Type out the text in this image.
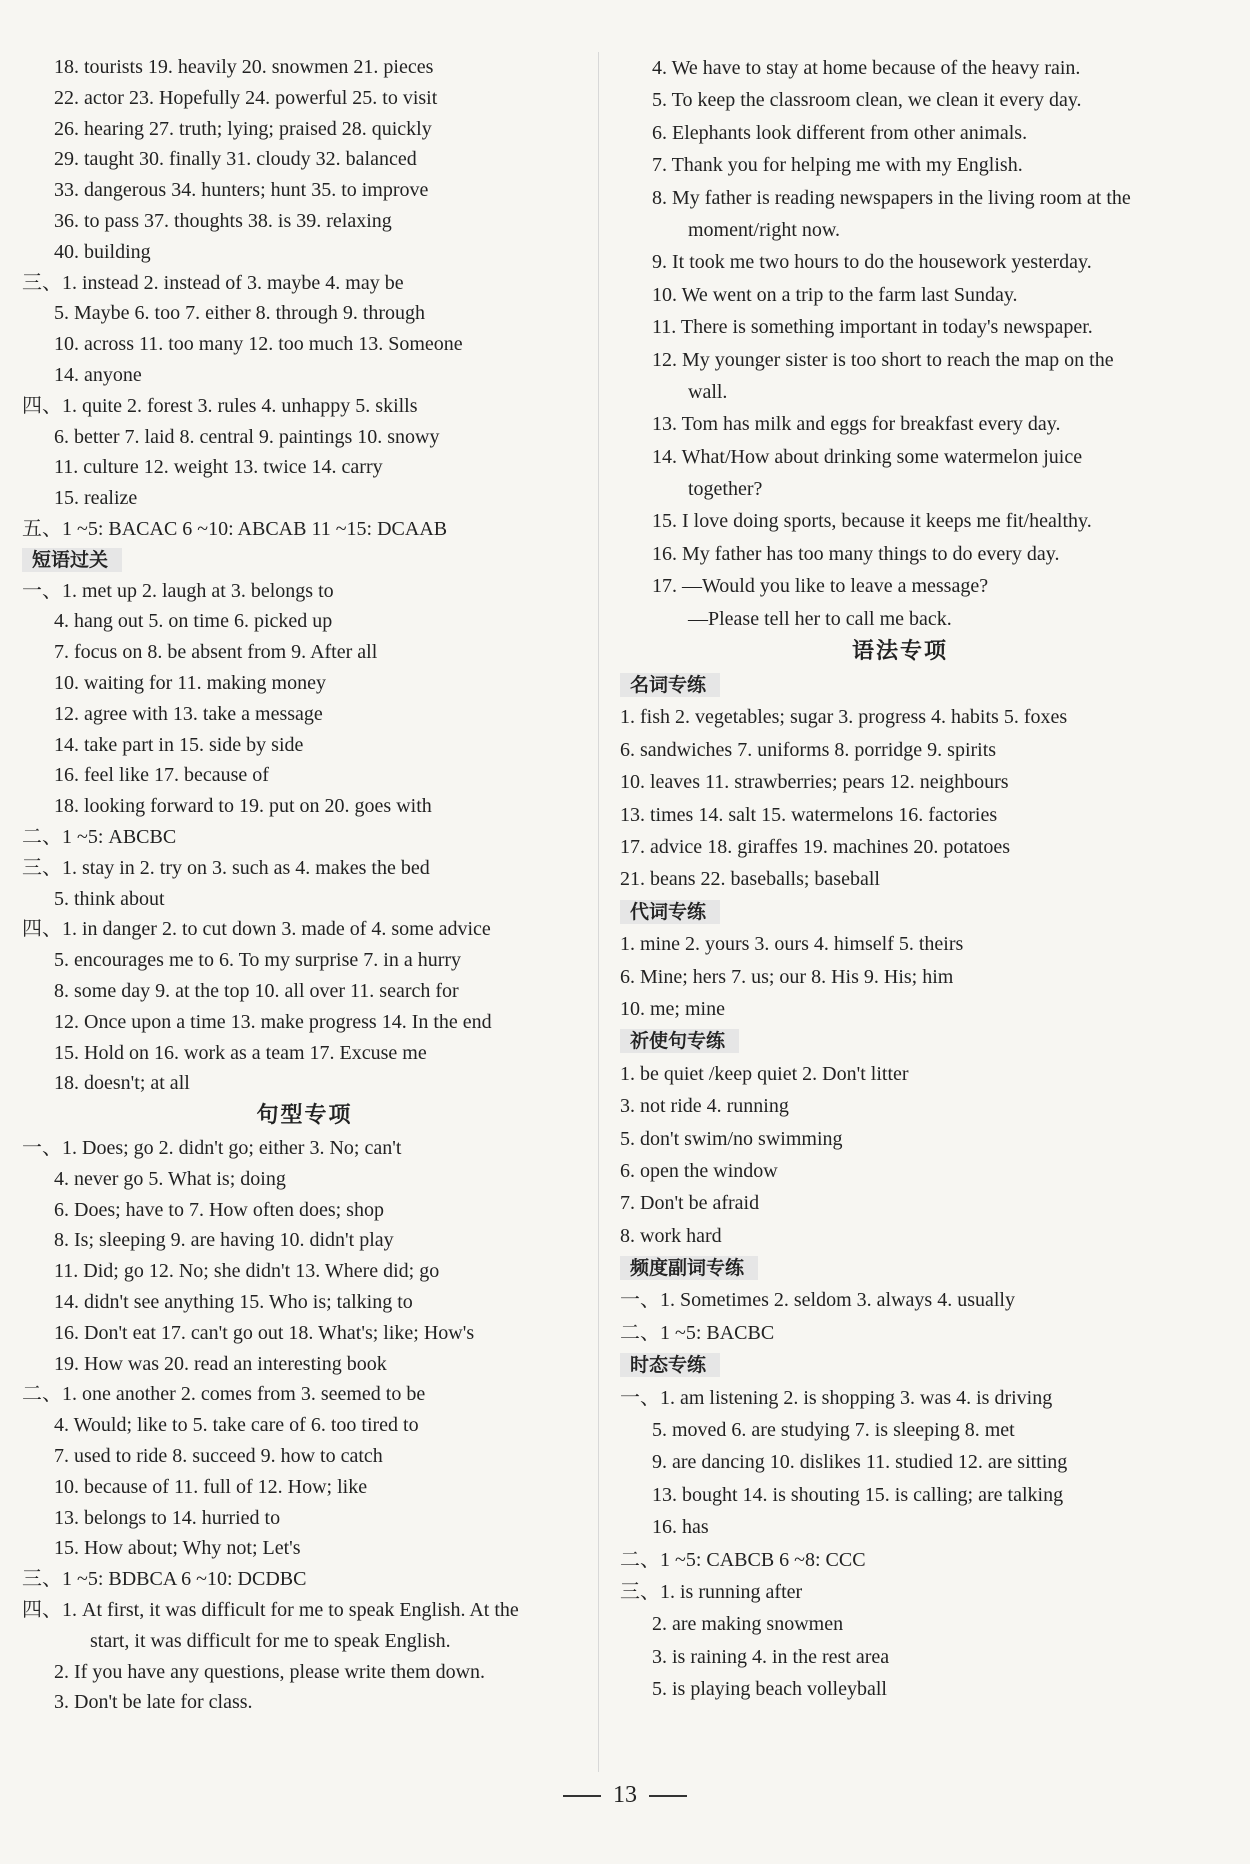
18. tourists 19. heavily 20. snowmen 21. pieces
22. actor 23. Hopefully 24. powerful 25. to visit
26. hearing 27. truth; lying; praised 28. quickly
29. taught 30. finally 31. cloudy 32. balanced
33. dangerous 34. hunters; hunt 35. to improve
36. to pass 37. thoughts 38. is 39. relaxing
40. building
三、1. instead 2. instead of 3. maybe 4. may be
5. Maybe 6. too 7. either 8. through 9. through
10. across 11. too many 12. too much 13. Someone
14. anyone
四、1. quite 2. forest 3. rules 4. unhappy 5. skills
6. better 7. laid 8. central 9. paintings 10. snowy
11. culture 12. weight 13. twice 14. carry
15. realize
五、1 ~5: BACAC 6 ~10: ABCAB 11 ~15: DCAAB
短语过关
一、1. met up 2. laugh at 3. belongs to
4. hang out 5. on time 6. picked up
7. focus on 8. be absent from 9. After all
10. waiting for 11. making money
12. agree with 13. take a message
14. take part in 15. side by side
16. feel like 17. because of
18. looking forward to 19. put on 20. goes with
二、1 ~5: ABCBC
三、1. stay in 2. try on 3. such as 4. makes the bed
5. think about
四、1. in danger 2. to cut down 3. made of 4. some advice
5. encourages me to 6. To my surprise 7. in a hurry
8. some day 9. at the top 10. all over 11. search for
12. Once upon a time 13. make progress 14. In the end
15. Hold on 16. work as a team 17. Excuse me
18. doesn't; at all
句型专项
一、1. Does; go 2. didn't go; either 3. No; can't
4. never go 5. What is; doing
6. Does; have to 7. How often does; shop
8. Is; sleeping 9. are having 10. didn't play
11. Did; go 12. No; she didn't 13. Where did; go
14. didn't see anything 15. Who is; talking to
16. Don't eat 17. can't go out 18. What's; like; How's
19. How was 20. read an interesting book
二、1. one another 2. comes from 3. seemed to be
4. Would; like to 5. take care of 6. too tired to
7. used to ride 8. succeed 9. how to catch
10. because of 11. full of 12. How; like
13. belongs to 14. hurried to
15. How about; Why not; Let's
三、1 ~5: BDBCA 6 ~10: DCDBC
四、1. At first, it was difficult for me to speak English. At the
start, it was difficult for me to speak English.
2. If you have any questions, please write them down.
3. Don't be late for class.
4. We have to stay at home because of the heavy rain.
5. To keep the classroom clean, we clean it every day.
6. Elephants look different from other animals.
7. Thank you for helping me with my English.
8. My father is reading newspapers in the living room at the
moment/right now.
9. It took me two hours to do the housework yesterday.
10. We went on a trip to the farm last Sunday.
11. There is something important in today's newspaper.
12. My younger sister is too short to reach the map on the
wall.
13. Tom has milk and eggs for breakfast every day.
14. What/How about drinking some watermelon juice
together?
15. I love doing sports, because it keeps me fit/healthy.
16. My father has too many things to do every day.
17. —Would you like to leave a message?
—Please tell her to call me back.
语法专项
名词专练
1. fish 2. vegetables; sugar 3. progress 4. habits 5. foxes
6. sandwiches 7. uniforms 8. porridge 9. spirits
10. leaves 11. strawberries; pears 12. neighbours
13. times 14. salt 15. watermelons 16. factories
17. advice 18. giraffes 19. machines 20. potatoes
21. beans 22. baseballs; baseball
代词专练
1. mine 2. yours 3. ours 4. himself 5. theirs
6. Mine; hers 7. us; our 8. His 9. His; him
10. me; mine
祈使句专练
1. be quiet /keep quiet 2. Don't litter
3. not ride 4. running
5. don't swim/no swimming
6. open the window
7. Don't be afraid
8. work hard
频度副词专练
一、1. Sometimes 2. seldom 3. always 4. usually
二、1 ~5: BACBC
时态专练
一、1. am listening 2. is shopping 3. was 4. is driving
5. moved 6. are studying 7. is sleeping 8. met
9. are dancing 10. dislikes 11. studied 12. are sitting
13. bought 14. is shouting 15. is calling; are talking
16. has
二、1 ~5: CABCB 6 ~8: CCC
三、1. is running after
2. are making snowmen
3. is raining 4. in the rest area
5. is playing beach volleyball
13
